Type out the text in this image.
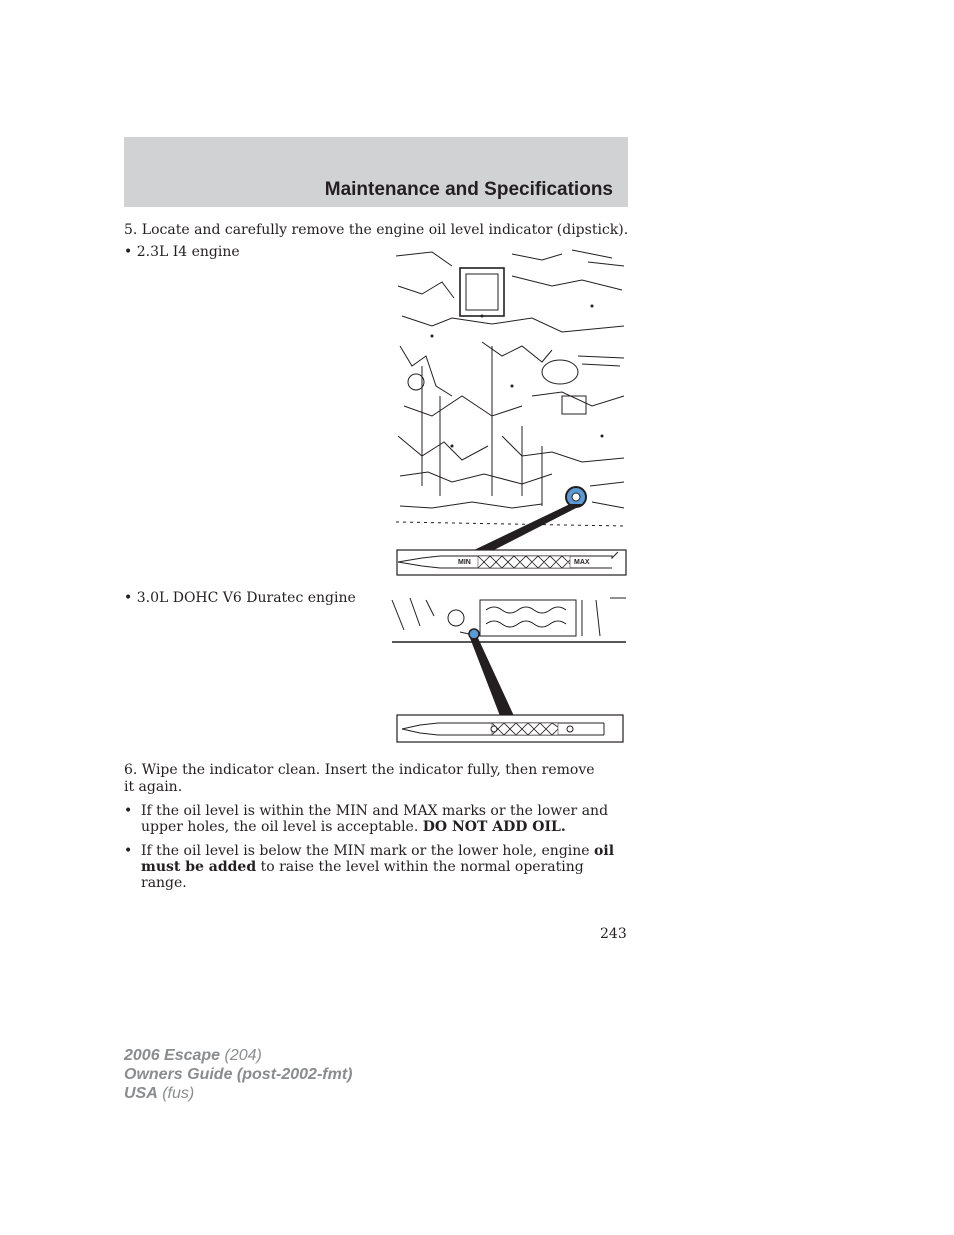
Maintenance and Specifications
5. Locate and carefully remove the engine oil level indicator (dipstick).
• 2.3L I4 engine
MIN	MAX
• 3.0L DOHC V6 Duratec engine
6. Wipe the indicator clean. Insert the indicator fully, then remove it again.
• If the oil level is within the MIN and MAX marks or the lower and upper holes, the oil level is acceptable. DO NOT ADD OIL.
• If the oil level is below the MIN mark or the lower hole, engine oil must be added to raise the level within the normal operating range.
243
2006 Escape (204)
Owners Guide (post-2002-fmt)
USA (fus)
